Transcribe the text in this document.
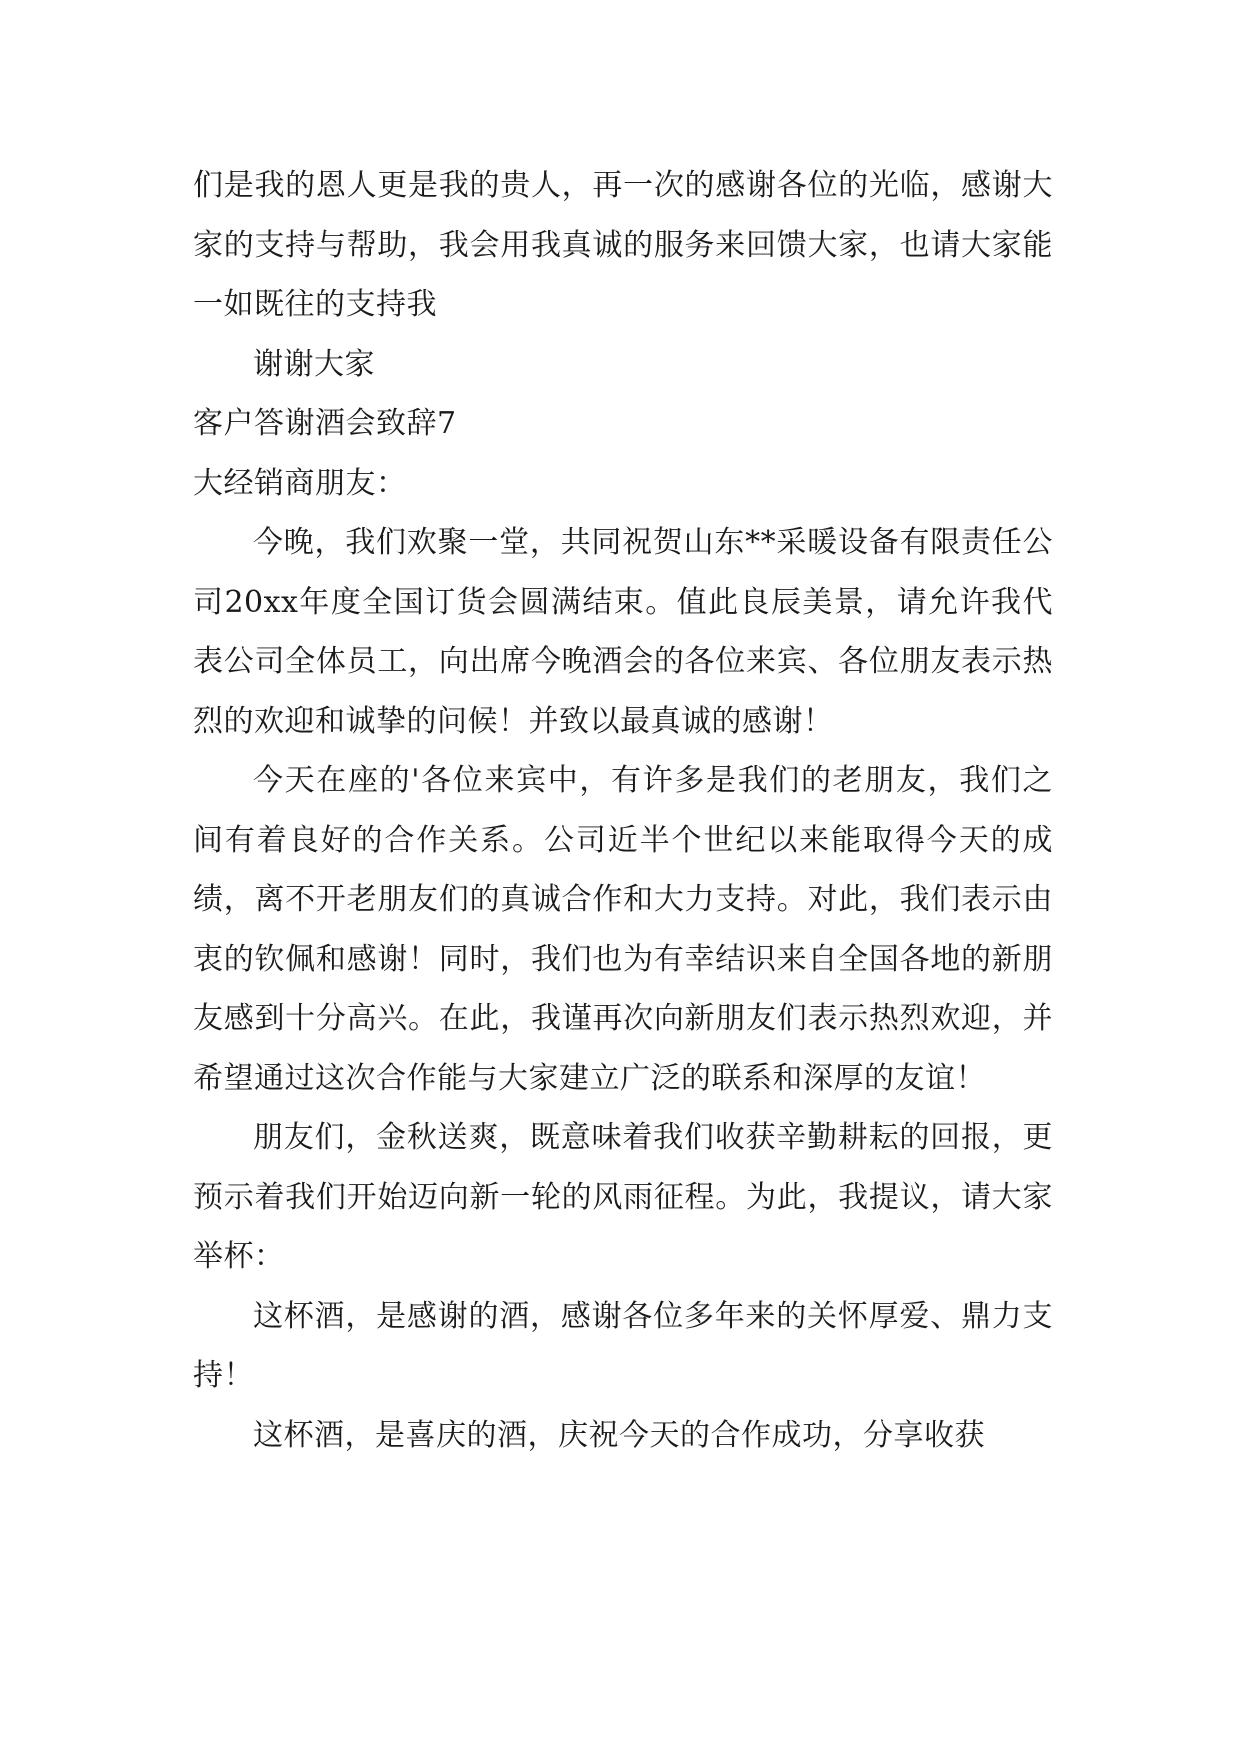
们是我的恩人更是我的贵人，再一次的感谢各位的光临，感谢大家的支持与帮助，我会用我真诚的服务来回馈大家，也请大家能一如既往的支持我

谢谢大家

客户答谢酒会致辞7

大经销商朋友：

今晚，我们欢聚一堂，共同祝贺山东**采暖设备有限责任公司20xx年度全国订货会圆满结束。值此良辰美景，请允许我代表公司全体员工，向出席今晚酒会的各位来宾、各位朋友表示热烈的欢迎和诚挚的问候！并致以最真诚的感谢！

今天在座的'各位来宾中，有许多是我们的老朋友，我们之间有着良好的合作关系。公司近半个世纪以来能取得今天的成绩，离不开老朋友们的真诚合作和大力支持。对此，我们表示由衷的钦佩和感谢！同时，我们也为有幸结识来自全国各地的新朋友感到十分高兴。在此，我谨再次向新朋友们表示热烈欢迎，并希望通过这次合作能与大家建立广泛的联系和深厚的友谊！

朋友们，金秋送爽，既意味着我们收获辛勤耕耘的回报，更预示着我们开始迈向新一轮的风雨征程。为此，我提议，请大家举杯：

这杯酒，是感谢的酒，感谢各位多年来的关怀厚爱、鼎力支持！

这杯酒，是喜庆的酒，庆祝今天的合作成功，分享收获
